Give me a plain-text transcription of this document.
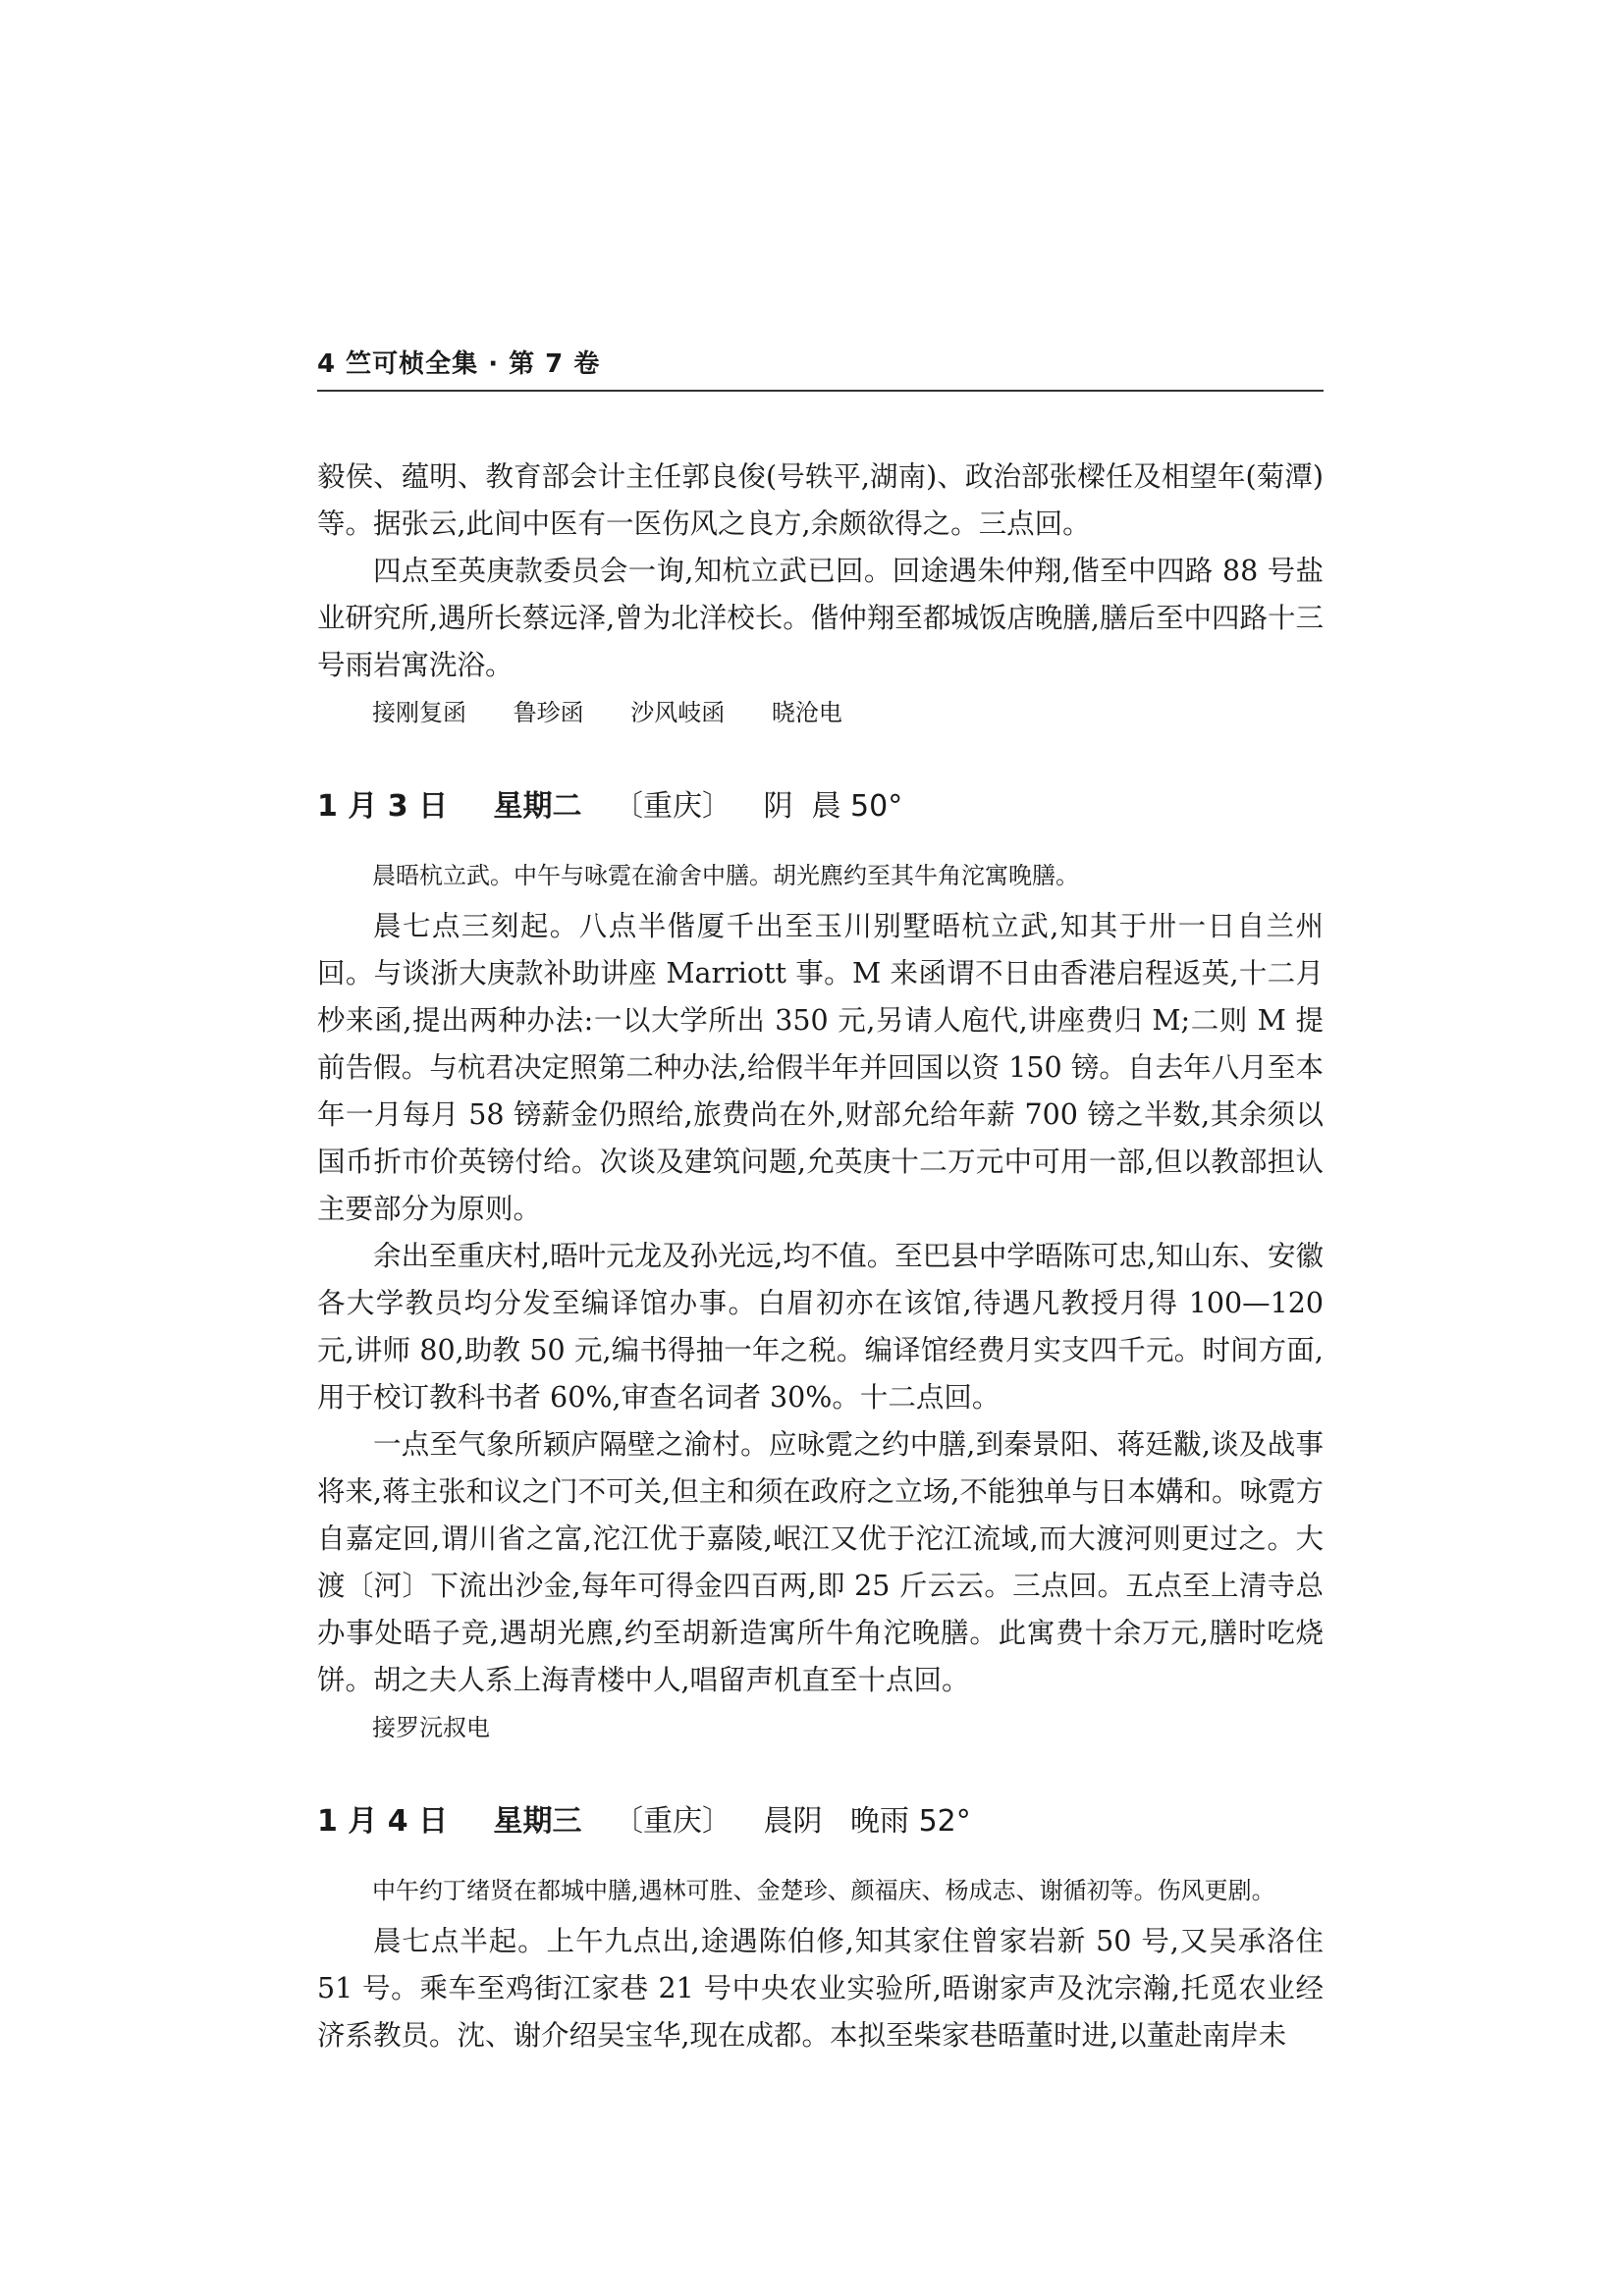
4 竺可桢全集 · 第 7 卷

毅侯、蕴明、教育部会计主任郭良俊(号轶平,湖南)、政治部张樑任及相望年(菊潭)等。据张云,此间中医有一医伤风之良方,余颇欲得之。三点回。

四点至英庚款委员会一询,知杭立武已回。回途遇朱仲翔,偕至中四路 88 号盐业研究所,遇所长蔡远泽,曾为北洋校长。偕仲翔至都城饭店晚膳,膳后至中四路十三号雨岩寓洗浴。

接刚复函 鲁珍函 沙风岐函 晓沧电

1 月 3 日 星期二 〔重庆〕 阴  晨 50°

晨晤杭立武。中午与咏霓在渝舍中膳。胡光麃约至其牛角沱寓晚膳。

晨七点三刻起。八点半偕厦千出至玉川别墅晤杭立武,知其于卅一日自兰州回。与谈浙大庚款补助讲座 Marriott 事。M 来函谓不日由香港启程返英,十二月杪来函,提出两种办法:一以大学所出 350 元,另请人庖代,讲座费归 M;二则 M 提前告假。与杭君决定照第二种办法,给假半年并回国以资 150 镑。自去年八月至本年一月每月 58 镑薪金仍照给,旅费尚在外,财部允给年薪 700 镑之半数,其余须以国币折市价英镑付给。次谈及建筑问题,允英庚十二万元中可用一部,但以教部担认主要部分为原则。

余出至重庆村,晤叶元龙及孙光远,均不值。至巴县中学晤陈可忠,知山东、安徽各大学教员均分发至编译馆办事。白眉初亦在该馆,待遇凡教授月得 100—120 元,讲师 80,助教 50 元,编书得抽一年之税。编译馆经费月实支四千元。时间方面,用于校订教科书者 60%,审查名词者 30%。十二点回。

一点至气象所颖庐隔壁之渝村。应咏霓之约中膳,到秦景阳、蒋廷黻,谈及战事将来,蒋主张和议之门不可关,但主和须在政府之立场,不能独单与日本媾和。咏霓方自嘉定回,谓川省之富,沱江优于嘉陵,岷江又优于沱江流域,而大渡河则更过之。大渡〔河〕下流出沙金,每年可得金四百两,即 25 斤云云。三点回。五点至上清寺总办事处晤子竞,遇胡光麃,约至胡新造寓所牛角沱晚膳。此寓费十余万元,膳时吃烧饼。胡之夫人系上海青楼中人,唱留声机直至十点回。

接罗沅叔电

1 月 4 日 星期三 〔重庆〕 晨阴   晚雨 52°

中午约丁绪贤在都城中膳,遇林可胜、金楚珍、颜福庆、杨成志、谢循初等。伤风更剧。

晨七点半起。上午九点出,途遇陈伯修,知其家住曾家岩新 50 号,又吴承洛住 51 号。乘车至鸡街江家巷 21 号中央农业实验所,晤谢家声及沈宗瀚,托觅农业经济系教员。沈、谢介绍吴宝华,现在成都。本拟至柴家巷晤董时进,以董赴南岸未
